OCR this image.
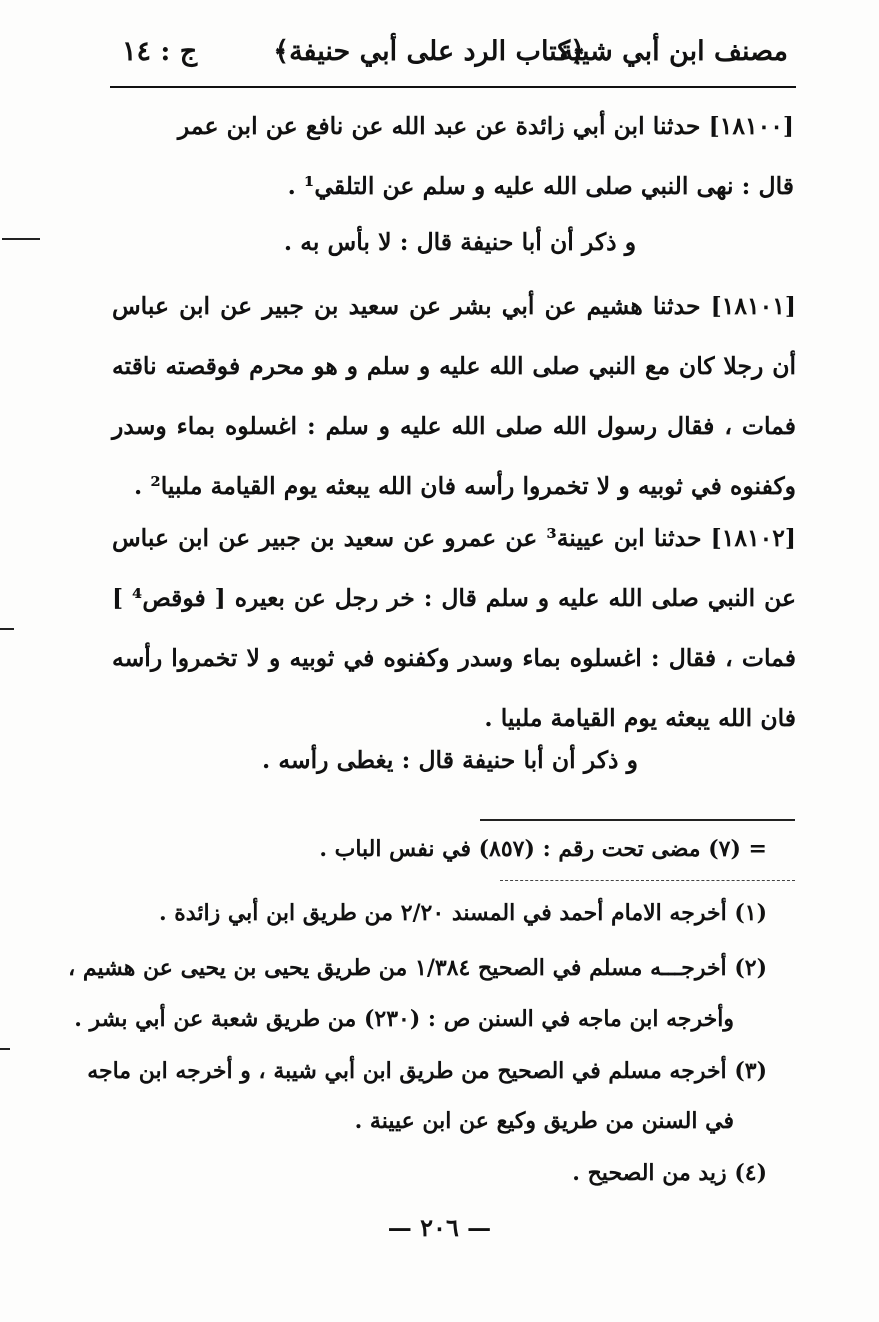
مصنف ابن أبي شيبة
﴿كتاب الرد على أبي حنيفة﴾
ج : ١٤
[١٨١٠٠] حدثنا ابن أبي زائدة عن عبد الله عن نافع عن ابن عمر
قال : نهى النبي صلى الله عليه و سلم عن التلقي¹ .
و ذكر أن أبا حنيفة قال : لا بأس به .
[١٨١٠١] حدثنا هشيم عن أبي بشر عن سعيد بن جبير عن ابن عباس أن رجلا كان مع النبي صلى الله عليه و سلم و هو محرم فوقصته ناقته فمات ، فقال رسول الله صلى الله عليه و سلم : اغسلوه بماء وسدر وكفنوه في ثوبيه و لا تخمروا رأسه فان الله يبعثه يوم القيامة ملبيا² .
[١٨١٠٢] حدثنا ابن عيينة³ عن عمرو عن سعيد بن جبير عن ابن عباس عن النبي صلى الله عليه و سلم قال : خر رجل عن بعيره [ فوقص⁴ ] فمات ، فقال : اغسلوه بماء وسدر وكفنوه في ثوبيه و لا تخمروا رأسه فان الله يبعثه يوم القيامة ملبيا .
و ذكر أن أبا حنيفة قال : يغطى رأسه .
= (٧) مضى تحت رقم : (٨٥٧) في نفس الباب .
(١) أخرجه الامام أحمد في المسند ٢/٢٠ من طريق ابن أبي زائدة .
(٢) أخرجـــه مسلم في الصحيح ١/٣٨٤ من طريق يحيى بن يحيى عن هشيم ،
وأخرجه ابن ماجه في السنن ص : (٢٣٠) من طريق شعبة عن أبي بشر .
(٣) أخرجه مسلم في الصحيح من طريق ابن أبي شيبة ، و أخرجه ابن ماجه
في السنن من طريق وكيع عن ابن عيينة .
(٤) زيد من الصحيح .
— ٢٠٦ —
